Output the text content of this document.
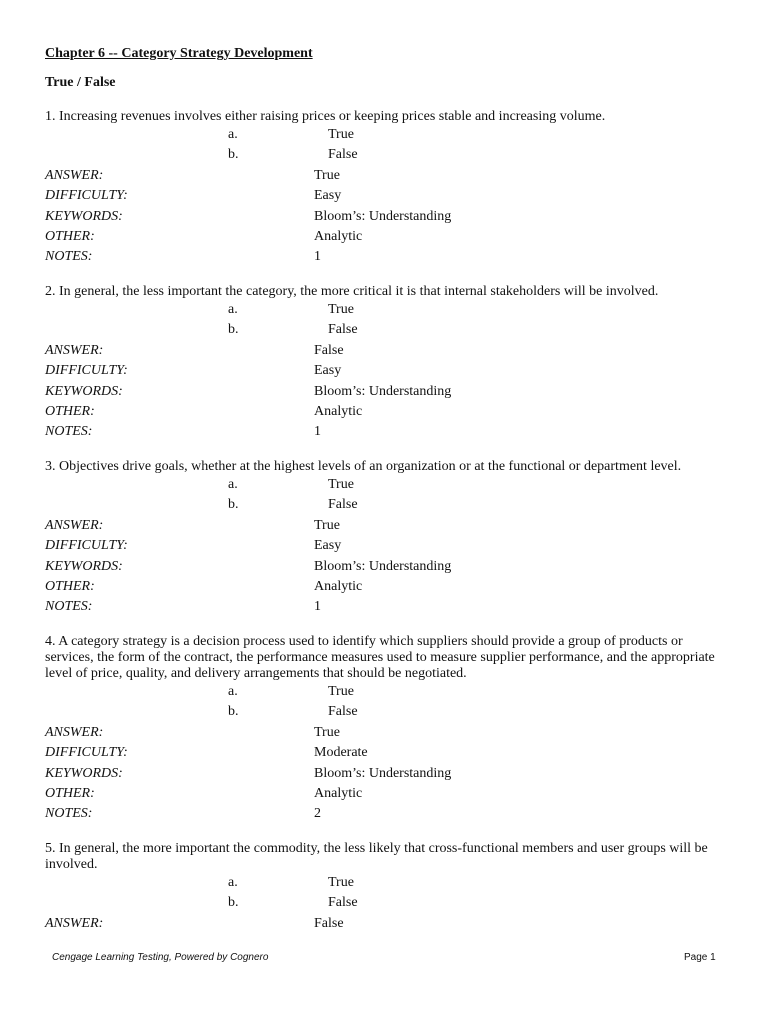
Chapter 6 -- Category Strategy Development
True / False
1. Increasing revenues involves either raising prices or keeping prices stable and increasing volume.
a.	True
b.	False
ANSWER:	True
DIFFICULTY:	Easy
KEYWORDS:	Bloom’s: Understanding
OTHER:	Analytic
NOTES:	1
2. In general, the less important the category, the more critical it is that internal stakeholders will be involved.
a.	True
b.	False
ANSWER:	False
DIFFICULTY:	Easy
KEYWORDS:	Bloom’s: Understanding
OTHER:	Analytic
NOTES:	1
3. Objectives drive goals, whether at the highest levels of an organization or at the functional or department level.
a.	True
b.	False
ANSWER:	True
DIFFICULTY:	Easy
KEYWORDS:	Bloom’s: Understanding
OTHER:	Analytic
NOTES:	1
4. A category strategy is a decision process used to identify which suppliers should provide a group of products or services, the form of the contract, the performance measures used to measure supplier performance, and the appropriate level of price, quality, and delivery arrangements that should be negotiated.
a.	True
b.	False
ANSWER:	True
DIFFICULTY:	Moderate
KEYWORDS:	Bloom’s: Understanding
OTHER:	Analytic
NOTES:	2
5. In general, the more important the commodity, the less likely that cross-functional members and user groups will be involved.
a.	True
b.	False
ANSWER:	False
Cengage Learning Testing, Powered by Cognero	Page 1
